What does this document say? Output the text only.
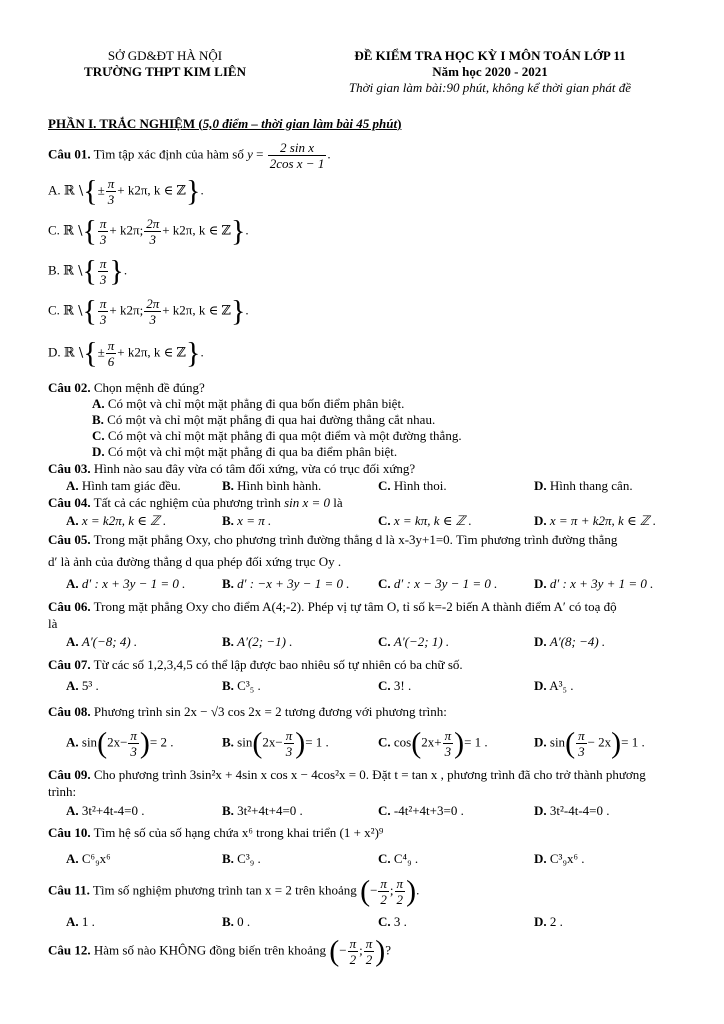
SỞ GD&ĐT HÀ NỘI
TRƯỜNG THPT KIM LIÊN
ĐỀ KIỂM TRA HỌC KỲ I MÔN TOÁN LỚP 11
Năm học 2020 - 2021
Thời gian làm bài:90 phút, không kể thời gian phát đề
PHẦN I. TRẮC NGHIỆM (5,0 điểm – thời gian làm bài 45 phút)
Câu 01. Tìm tập xác định của hàm số $y = \frac{\text{2 sin x}}{\text{2cos x − 1}}$ .
A. ℝ \{± $\frac{\pi}{3} + k2\pi$, k ∈ ℤ}.
C. ℝ \{ $\frac{\pi}{3} + k2\pi$; $\frac{2\pi}{3} + k2\pi$, k ∈ ℤ}.
B. ℝ \{ $\frac{\pi}{3}$ }.
C. ℝ \{ $\frac{\pi}{3} + k2\pi$; $\frac{2\pi}{3} + k2\pi$, k ∈ ℤ}.
D. ℝ \{± $\frac{\pi}{6} + k2\pi$, k ∈ ℤ}.
Câu 02. Chọn mệnh đề đúng?
A. Có một và chỉ một mặt phẳng đi qua bốn điểm phân biệt.
B. Có một và chỉ một mặt phẳng đi qua hai đường thẳng cắt nhau.
C. Có một và chỉ một mặt phẳng đi qua một điểm và một đường thẳng.
D. Có một và chỉ một mặt phẳng đi qua ba điểm phân biệt.
Câu 03. Hình nào sau đây vừa có tâm đối xứng, vừa có trục đối xứng?
A. Hình tam giác đều.	B. Hình bình hành.	C. Hình thoi.	D. Hình thang cân.
Câu 04. Tất cả các nghiệm của phương trình sin x = 0 là
A. x = k2π, k ∈ ℤ .	B. x = π .	C. x = kπ, k ∈ ℤ .	D. x = π + k2π, k ∈ ℤ .
Câu 05. Trong mặt phẳng Oxy, cho phương trình đường thẳng d là x-3y+1=0. Tìm phương trình đường thẳng
d′ là ảnh của đường thẳng d qua phép đối xứng trục Oy .
A. d′ : x + 3y − 1 = 0 .	B. d′ : −x + 3y − 1 = 0 . C. d′ : x − 3y − 1 = 0 .	D. d′ : x + 3y + 1 = 0 .
Câu 06. Trong mặt phẳng Oxy cho điểm A(4;-2). Phép vị tự tâm O, tỉ số k=-2 biến A thành điểm A′ có toạ độ
là
A. A′(−8; 4) .	B. A′(2; −1) .	C. A′(−2; 1) .	D. A′(8; −4) .
Câu 07. Từ các số 1,2,3,4,5 có thể lập được bao nhiêu số tự nhiên có ba chữ số.
A. 5³ .	B. C³₅ .	C. 3! .	D. A³₅ .
Câu 08. Phương trình sin 2x − √3 cos 2x = 2 tương đương với phương trình:
A. $\sin(2x- \frac{\pi}{3}$ )= 2 .	B. $\sin(2x- \frac{\pi}{3}$ )= 1 .	C. $\cos(2x+ \frac{\pi}{3}$ )= 1 .	D. $\sin( \frac{\pi}{3} - 2x)= 1$ .
Câu 09. Cho phương trình 3sin²x + 4sin x cos x − 4cos²x = 0. Đặt t = tan x , phương trình đã cho trở thành phương
trình:
A. 3t²+4t-4=0 .	B. 3t²+4t+4=0 .	C. -4t²+4t+3=0 .	D. 3t²-4t-4=0 .
Câu 10. Tìm hệ số của số hạng chứa x⁶ trong khai triển (1 + x²)⁹
A. C⁶₉x⁶	B. C³₉ .	C. C⁴₉ .	D. C³₉x⁶ .
Câu 11. Tìm số nghiệm phương trình tan x = 2 trên khoảng (− $\frac{\pi}{2}$ ; $\frac{\pi}{2}$ ).
A. 1 .	B. 0 .	C. 3 .	D. 2 .
Câu 12. Hàm số nào KHÔNG đồng biến trên khoảng (− $\frac{\pi}{2}$ ; $\frac{\pi}{2}$ )?
